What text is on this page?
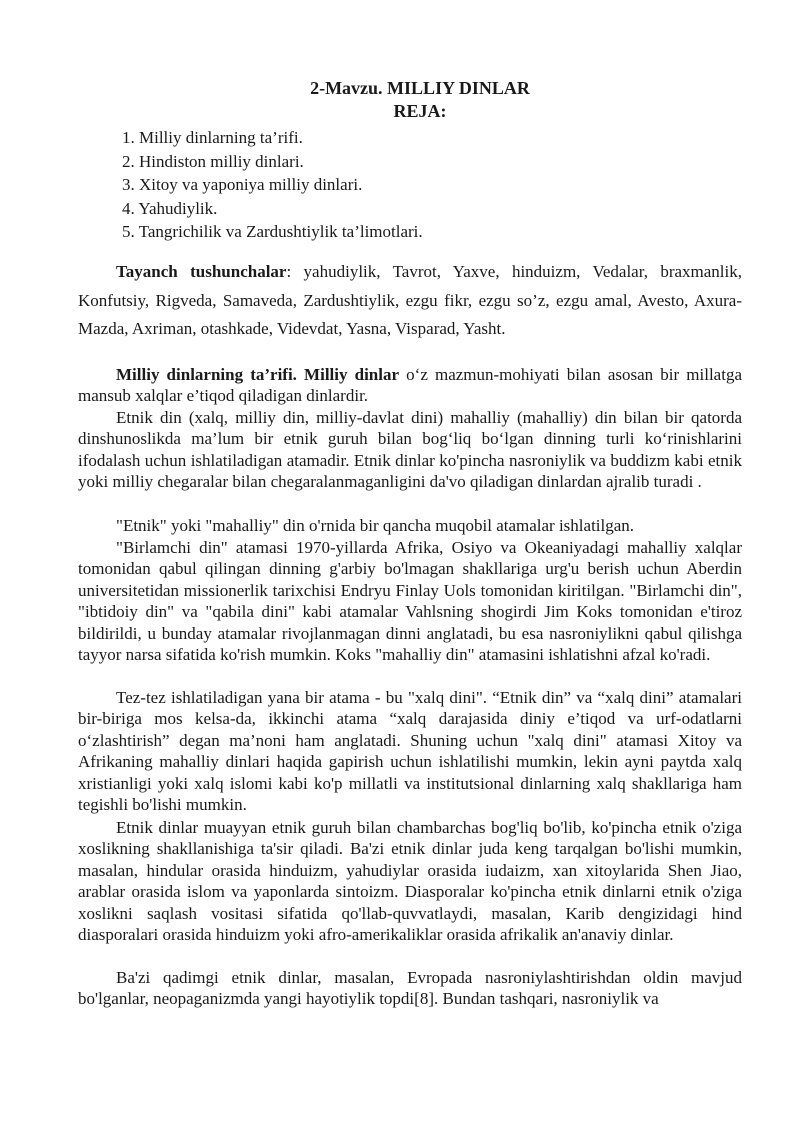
2-Mavzu. MILLIY DINLAR
REJA:
1. Milliy dinlarning ta’rifi.
2. Hindiston milliy dinlari.
3. Xitoy va yaponiya milliy dinlari.
4. Yahudiylik.
5. Tangrichilik va Zardushtiylik ta’limotlari.

Tayanch tushunchalar: yahudiylik, Tavrot, Yaxve, hinduizm, Vedalar, braxmanlik, Konfutsiy, Rigveda, Samaveda, Zardushtiylik, ezgu fikr, ezgu so’z, ezgu amal, Avesto, Axura-Mazda, Axriman, otashkade, Videvdat, Yasna, Visparad, Yasht.

Milliy dinlarning ta’rifi. Milliy dinlar o‘z mazmun-mohiyati bilan asosan bir millatga mansub xalqlar e’tiqod qiladigan dinlardir.

Etnik din (xalq, milliy din, milliy-davlat dini) mahalliy (mahalliy) din bilan bir qatorda dinshunoslikda ma’lum bir etnik guruh bilan bog‘liq bo‘lgan dinning turli ko‘rinishlarini ifodalash uchun ishlatiladigan atamadir. Etnik dinlar ko'pincha nasroniylik va buddizm kabi etnik yoki milliy chegaralar bilan chegaralanmaganligini da'vo qiladigan dinlardan ajralib turadi .

"Etnik" yoki "mahalliy" din o'rnida bir qancha muqobil atamalar ishlatilgan.

"Birlamchi din" atamasi 1970-yillarda Afrika, Osiyo va Okeaniyadagi mahalliy xalqlar tomonidan qabul qilingan dinning g'arbiy bo'lmagan shakllariga urg'u berish uchun Aberdin universitetidan missionerlik tarixchisi Endryu Finlay Uols tomonidan kiritilgan. "Birlamchi din", "ibtidoiy din" va "qabila dini" kabi atamalar Vahlsning shogirdi Jim Koks tomonidan e'tiroz bildirildi, u bunday atamalar rivojlanmagan dinni anglatadi, bu esa nasroniylikni qabul qilishga tayyor narsa sifatida ko'rish mumkin. Koks "mahalliy din" atamasini ishlatishni afzal ko'radi.

Tez-tez ishlatiladigan yana bir atama - bu "xalq dini". “Etnik din” va “xalq dini” atamalari bir-biriga mos kelsa-da, ikkinchi atama “xalq darajasida diniy e’tiqod va urf-odatlarni o‘zlashtirish” degan ma’noni ham anglatadi. Shuning uchun "xalq dini" atamasi Xitoy va Afrikaning mahalliy dinlari haqida gapirish uchun ishlatilishi mumkin, lekin ayni paytda xalq xristianligi yoki xalq islomi kabi ko'p millatli va institutsional dinlarning xalq shakllariga ham tegishli bo'lishi mumkin.

Etnik dinlar muayyan etnik guruh bilan chambarchas bog'liq bo'lib, ko'pincha etnik o'ziga xoslikning shakllanishiga ta'sir qiladi. Ba'zi etnik dinlar juda keng tarqalgan bo'lishi mumkin, masalan, hindular orasida hinduizm, yahudiylar orasida iudaizm, xan xitoylarida Shen Jiao, arablar orasida islom va yaponlarda sintoizm. Diasporalar ko'pincha etnik dinlarni etnik o'ziga xoslikni saqlash vositasi sifatida qo'llab-quvvatlaydi, masalan, Karib dengizidagi hind diasporalari orasida hinduizm yoki afro-amerikaliklar orasida afrikalik an'anaviy dinlar.

Ba'zi qadimgi etnik dinlar, masalan, Evropada nasroniylashtirishdan oldin mavjud bo'lganlar, neopaganizmda yangi hayotiylik topdi[8]. Bundan tashqari, nasroniylik va
